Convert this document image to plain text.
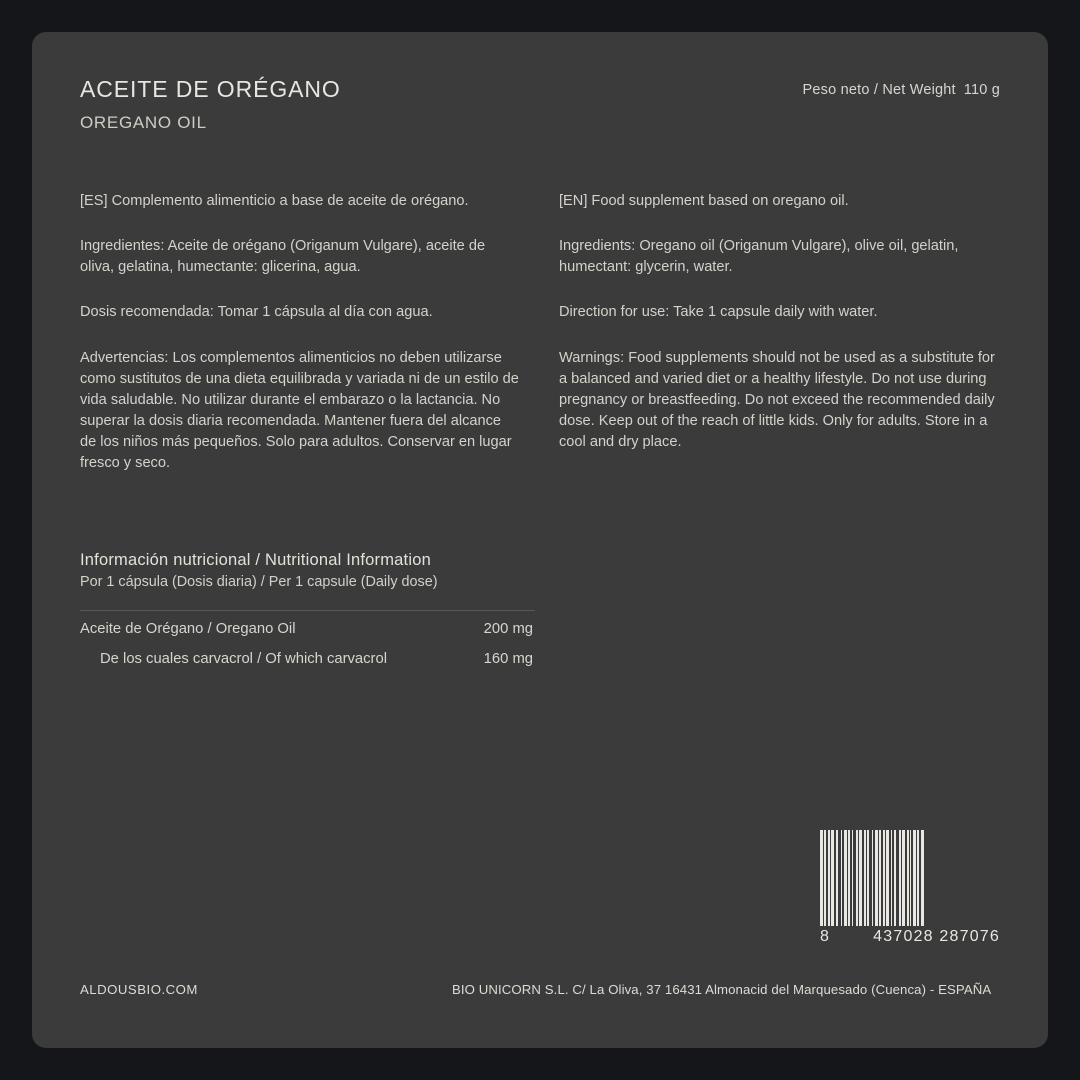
ACEITE DE ORÉGANO
OREGANO OIL
Peso neto / Net Weight 110 g
[ES] Complemento alimenticio a base de aceite de orégano.
Ingredientes: Aceite de orégano (Origanum Vulgare), aceite de oliva, gelatina, humectante: glicerina, agua.
Dosis recomendada: Tomar 1 cápsula al día con agua.
Advertencias: Los complementos alimenticios no deben utilizarse como sustitutos de una dieta equilibrada y variada ni de un estilo de vida saludable. No utilizar durante el embarazo o la lactancia. No superar la dosis diaria recomendada. Mantener fuera del alcance de los niños más pequeños. Solo para adultos. Conservar en lugar fresco y seco.
[EN] Food supplement based on oregano oil.
Ingredients: Oregano oil (Origanum Vulgare), olive oil, gelatin, humectant: glycerin, water.
Direction for use: Take 1 capsule daily with water.
Warnings: Food supplements should not be used as a substitute for a balanced and varied diet or a healthy lifestyle. Do not use during pregnancy or breastfeeding. Do not exceed the recommended daily dose. Keep out of the reach of little kids. Only for adults. Store in a cool and dry place.
Información nutricional / Nutritional Information
Por 1 cápsula (Dosis diaria) / Per 1 capsule (Daily dose)
Aceite de Orégano / Oregano Oil	200 mg
De los cuales carvacrol / Of which carvacrol	160 mg
8	437028 287076
ALDOUSBIO.COM	BIO UNICORN S.L. C/ La Oliva, 37 16431 Almonacid del Marquesado (Cuenca) - ESPAÑA
